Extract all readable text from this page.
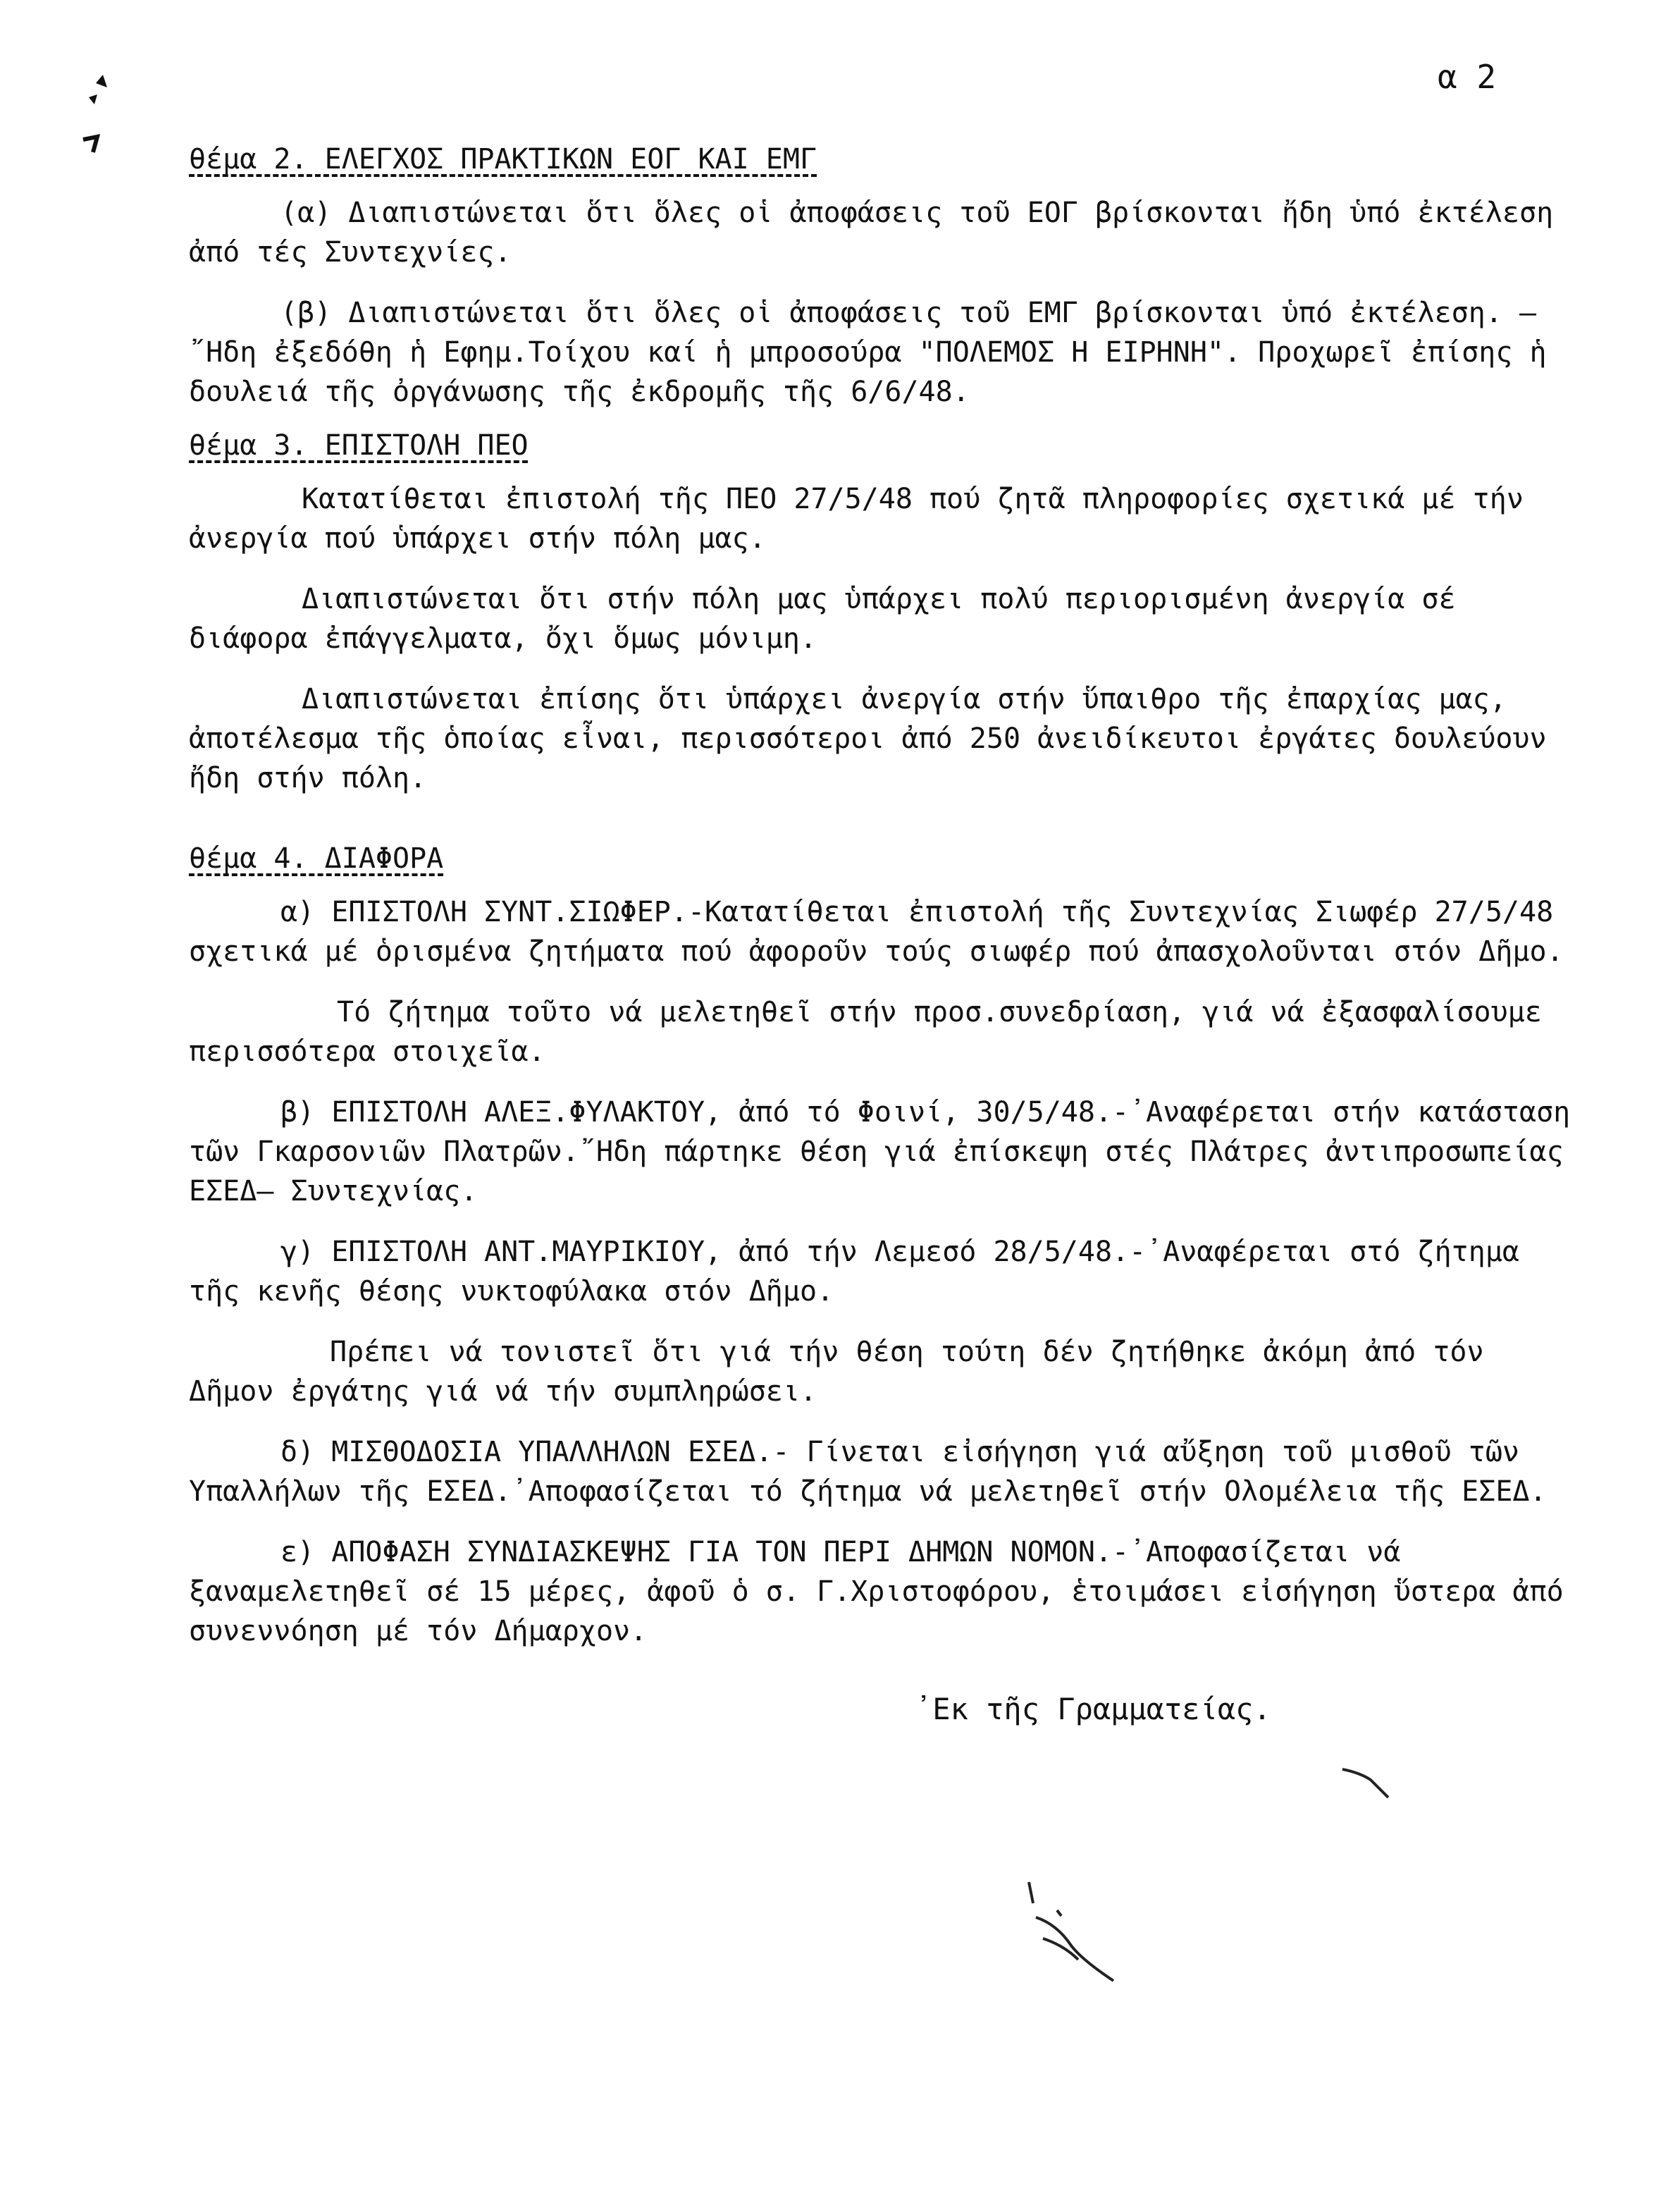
α 2
θέμα 2. ΕΛΕΓΧΟΣ ΠΡΑΚΤΙΚΩΝ ΕΟΓ ΚΑΙ ΕΜΓ

(α) Διαπιστώνεται ὅτι ὅλες οἱ ἀποφάσεις τοῦ ΕΟΓ βρίσκονται ἤδη ὑπό ἐκτέλεση ἀπό τές Συντεχνίες.

(β) Διαπιστώνεται ὅτι ὅλες οἱ ἀποφάσεις τοῦ ΕΜΓ βρίσκονται ὑπό ἐκτέλεση. —῎Ηδη ἐξεδόθη ἡ Εφημ.Τοίχου καί ἡ μπροσούρα "ΠΟΛΕΜΟΣ Η ΕΙΡΗΝΗ". Προχωρεῖ ἐπίσης ἡ δουλειά τῆς ὀργάνωσης τῆς ἐκδρομῆς τῆς 6/6/48.

θέμα 3. ΕΠΙΣΤΟΛΗ ΠΕΟ

Κατατίθεται ἐπιστολή τῆς ΠΕΟ 27/5/48 πού ζητᾶ πληροφορίες σχετικά μέ τήν ἀνεργία πού ὑπάρχει στήν πόλη μας.

Διαπιστώνεται ὅτι στήν πόλη μας ὑπάρχει πολύ περιορισμένη ἀνεργία σέ διάφορα ἐπάγγελματα, ὄχι ὅμως μόνιμη.

Διαπιστώνεται ἐπίσης ὅτι ὑπάρχει ἀνεργία στήν ὕπαιθρο τῆς ἐπαρχίας μας, ἀποτέλεσμα τῆς ὁποίας εἶναι, περισσότεροι ἀπό 250 ἀνειδίκευτοι ἐργάτες δουλεύουν ἤδη στήν πόλη.

θέμα 4. ΔΙΑΦΟΡΑ

α) ΕΠΙΣΤΟΛΗ ΣΥΝΤ.ΣΙΩΦΕΡ.-Κατατίθεται ἐπιστολή τῆς Συντεχνίας Σιωφέρ 27/5/48 σχετικά μέ ὁρισμένα ζητήματα πού ἀφοροῦν τούς σιωφέρ πού ἀπασχολοῦνται στόν Δῆμο.

Τό ζήτημα τοῦτο νά μελετηθεῖ στήν προσ.συνεδρίαση, γιά νά ἐξασφαλίσουμε περισσότερα στοιχεῖα.

β) ΕΠΙΣΤΟΛΗ ΑΛΕΞ.ΦΥΛΑΚΤΟΥ, ἀπό τό Φοινί, 30/5/48.-᾽Αναφέρεται στήν κατάσταση τῶν Γκαρσονιῶν Πλατρῶν.῎Ηδη πάρτηκε θέση γιά ἐπίσκεψη στές Πλάτρες ἀντιπροσωπείας ΕΣΕΔ— Συντεχνίας.

γ) ΕΠΙΣΤΟΛΗ ΑΝΤ.ΜΑΥΡΙΚΙΟΥ, ἀπό τήν Λεμεσό 28/5/48.-᾽Αναφέρεται στό ζήτημα τῆς κενῆς θέσης νυκτοφύλακα στόν Δῆμο.

Πρέπει νά τονιστεῖ ὅτι γιά τήν θέση τούτη δέν ζητήθηκε ἀκόμη ἀπό τόν Δῆμον ἐργάτης γιά νά τήν συμπληρώσει.

δ) ΜΙΣΘΟΔΟΣΙΑ ΥΠΑΛΛΗΛΩΝ ΕΣΕΔ.- Γίνεται εἰσήγηση γιά αὔξηση τοῦ μισθοῦ τῶν Υπαλλήλων τῆς ΕΣΕΔ.᾽Αποφασίζεται τό ζήτημα νά μελετηθεῖ στήν Ολομέλεια τῆς ΕΣΕΔ.

ε) ΑΠΟΦΑΣΗ ΣΥΝΔΙΑΣΚΕΨΗΣ ΓΙΑ ΤΟΝ ΠΕΡΙ ΔΗΜΩΝ ΝΟΜΟΝ.-᾽Αποφασίζεται νά ξαναμελετηθεῖ σέ 15 μέρες, ἀφοῦ ὁ σ. Γ.Χριστοφόρου, ἑτοιμάσει εἰσήγηση ὕστερα ἀπό συνεννόηση μέ τόν Δήμαρχον.

᾽Εκ τῆς Γραμματείας.
